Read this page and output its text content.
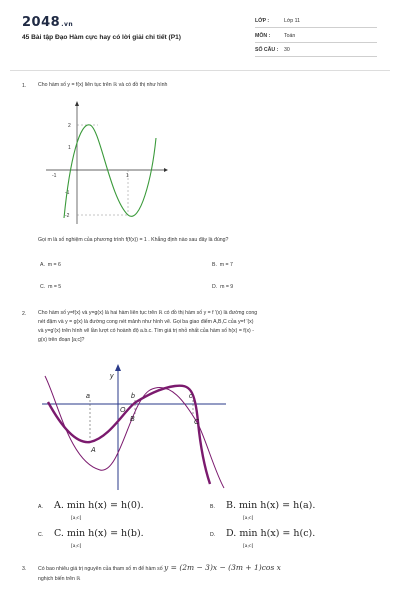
2048.vn
45 Bài tập Đạo Hàm cực hay có lời giải chi tiết (P1)
LỚP :	Lớp 11
MÔN :	Toán
SỐ CÂU : 30
1. Cho hàm số y = f(x) liên tục trên ℝ và có đồ thị như hình
2
1
-1
-2
1
-1
Gọi m là số nghiệm của phương trình f(f(x)) = 1 . Khẳng định nào sau đây là đúng?
A. m = 6	B. m = 7
C. m = 5	D. m = 9
2. Cho hàm số y=f(x) và y=g(x) là hai hàm liên tục trên ℝ có đồ thị hàm số y = f '(x) là đường cong
nét đậm và y = g(x) là đường cong nét mảnh như hình vẽ. Gọi ba giao điểm A,B,C của y=f '(x)
và y=g'(x) trên hình vẽ lần lượt có hoành độ a.b.c. Tìm giá trị nhỏ nhất của hàm số h(x) = f(x) -
g(x) trên đoạn [a;c]?
y
a	b	c
O
A
B	C
A. A. min h(x) = h(0).
[a;c]
B. B. min h(x) = h(a).
[a;c]
C. C. min h(x) = h(b).
[a;c]
D. D. min h(x) = h(c).
[a;c]
3. Có bao nhiêu giá trị nguyên của tham số m để hàm số y = (2m − 3)x − (3m + 1)cos x
nghịch biến trên ℝ
